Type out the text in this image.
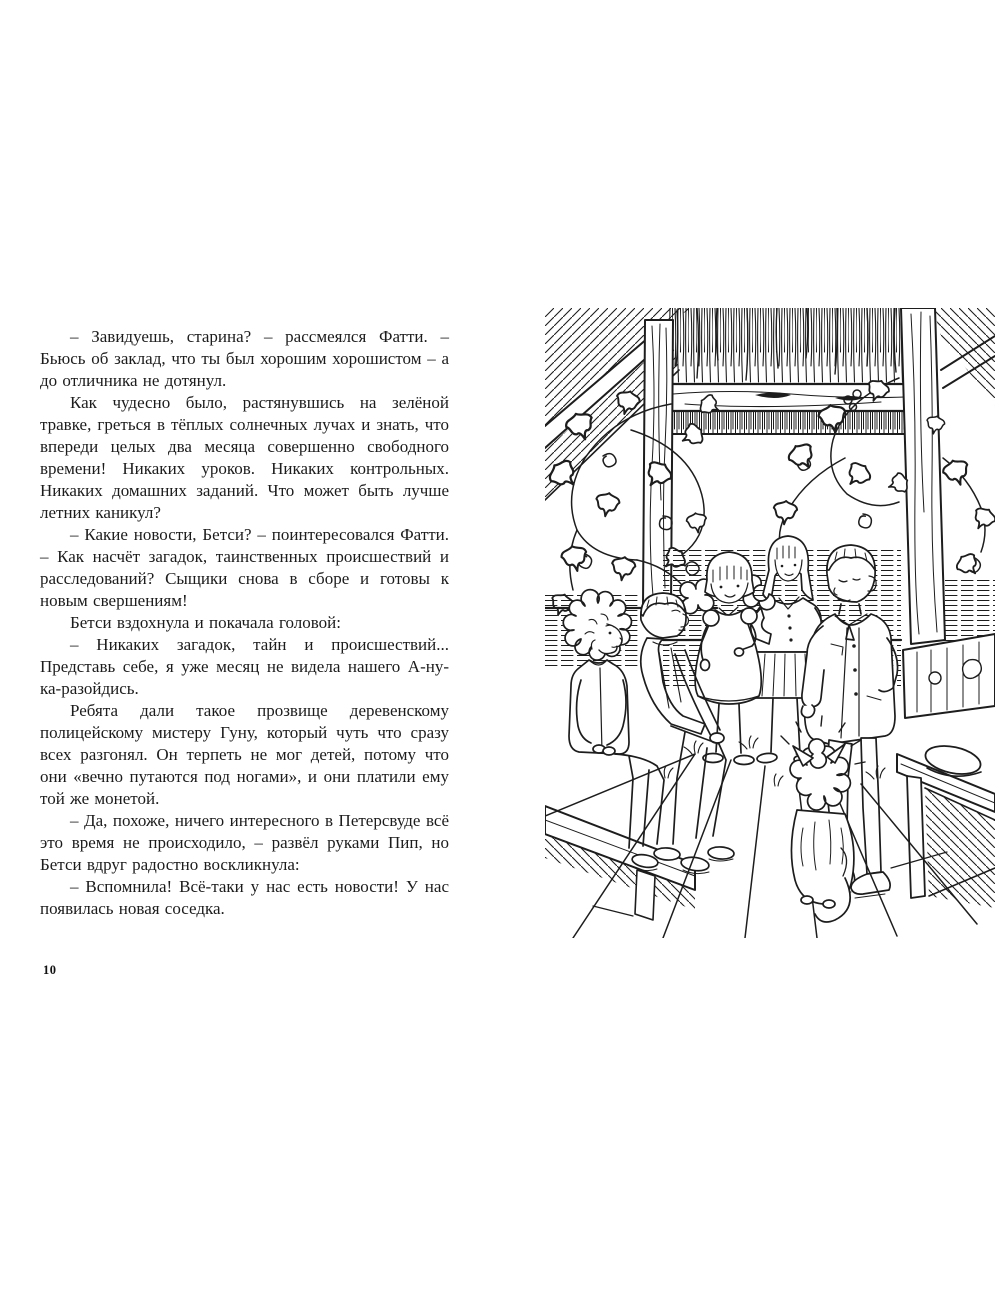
– Завидуешь, старина? – рассмеялся Фатти. – Бьюсь об заклад, что ты был хорошим хорошистом – а до отличника не дотянул.

Как чудесно было, растянувшись на зелёной травке, греться в тёплых солнечных лучах и знать, что впереди целых два месяца совершенно свободного времени! Никаких уроков. Никаких контрольных. Никаких домашних заданий. Что может быть лучше летних каникул?

– Какие новости, Бетси? – поинтересовался Фатти. – Как насчёт загадок, таинственных происшествий и расследований? Сыщики снова в сборе и готовы к новым свершениям!

Бетси вздохнула и покачала головой:

– Никаких загадок, тайн и происшествий... Представь себе, я уже месяц не видела нашего А-ну-ка-разойдись.

Ребята дали такое прозвище деревенскому полицейскому мистеру Гуну, который чуть что сразу всех разгонял. Он терпеть не мог детей, потому что они «вечно путаются под ногами», и они платили ему той же монетой.

– Да, похоже, ничего интересного в Петерсвуде всё это время не происходило, – развёл руками Пип, но Бетси вдруг радостно воскликнула:

– Вспомнила! Всё-таки у нас есть новости! У нас появилась новая соседка.

10
